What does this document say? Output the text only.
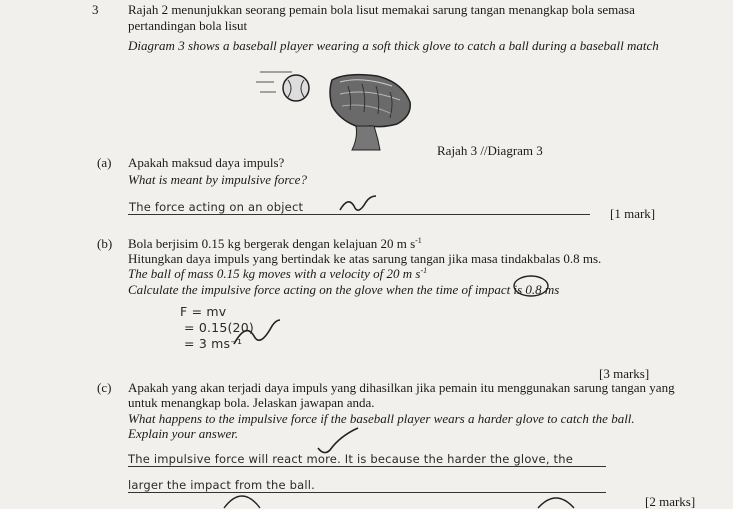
3 Rajah 2 menunjukkan seorang pemain bola lisut memakai sarung tangan menangkap bola semasa
pertandingan bola lisut
Diagram 3 shows a baseball player wearing a soft thick glove to catch a ball during a baseball match
Rajah 3 //Diagram 3
(a) Apakah maksud daya impuls?
What is meant by impulsive force?
The force acting on an object	[1 mark]
(b) Bola berjisim 0.15 kg bergerak dengan kelajuan 20 m $s^{-1}$
Hitungkan daya impuls yang bertindak ke atas sarung tangan jika masa tindakbalas 0.8 ms.
The ball of mass 0.15 kg moves with a velocity of 20 m $s^{-1}$
Calculate the impulsive force acting on the glove when the time of impact is 0.8 ms
F = mv
= 0.15(20)
= 3 ms⁻¹
[3 marks]
(c) Apakah yang akan terjadi daya impuls yang dihasilkan jika pemain itu menggunakan sarung tangan yang
untuk menangkap bola. Jelaskan jawapan anda.
What happens to the impulsive force if the baseball player wears a harder glove to catch the ball.
Explain your answer.
The impulsive force will react more. It is because the harder the glove, the
larger the impact from the ball.
[2 marks]
